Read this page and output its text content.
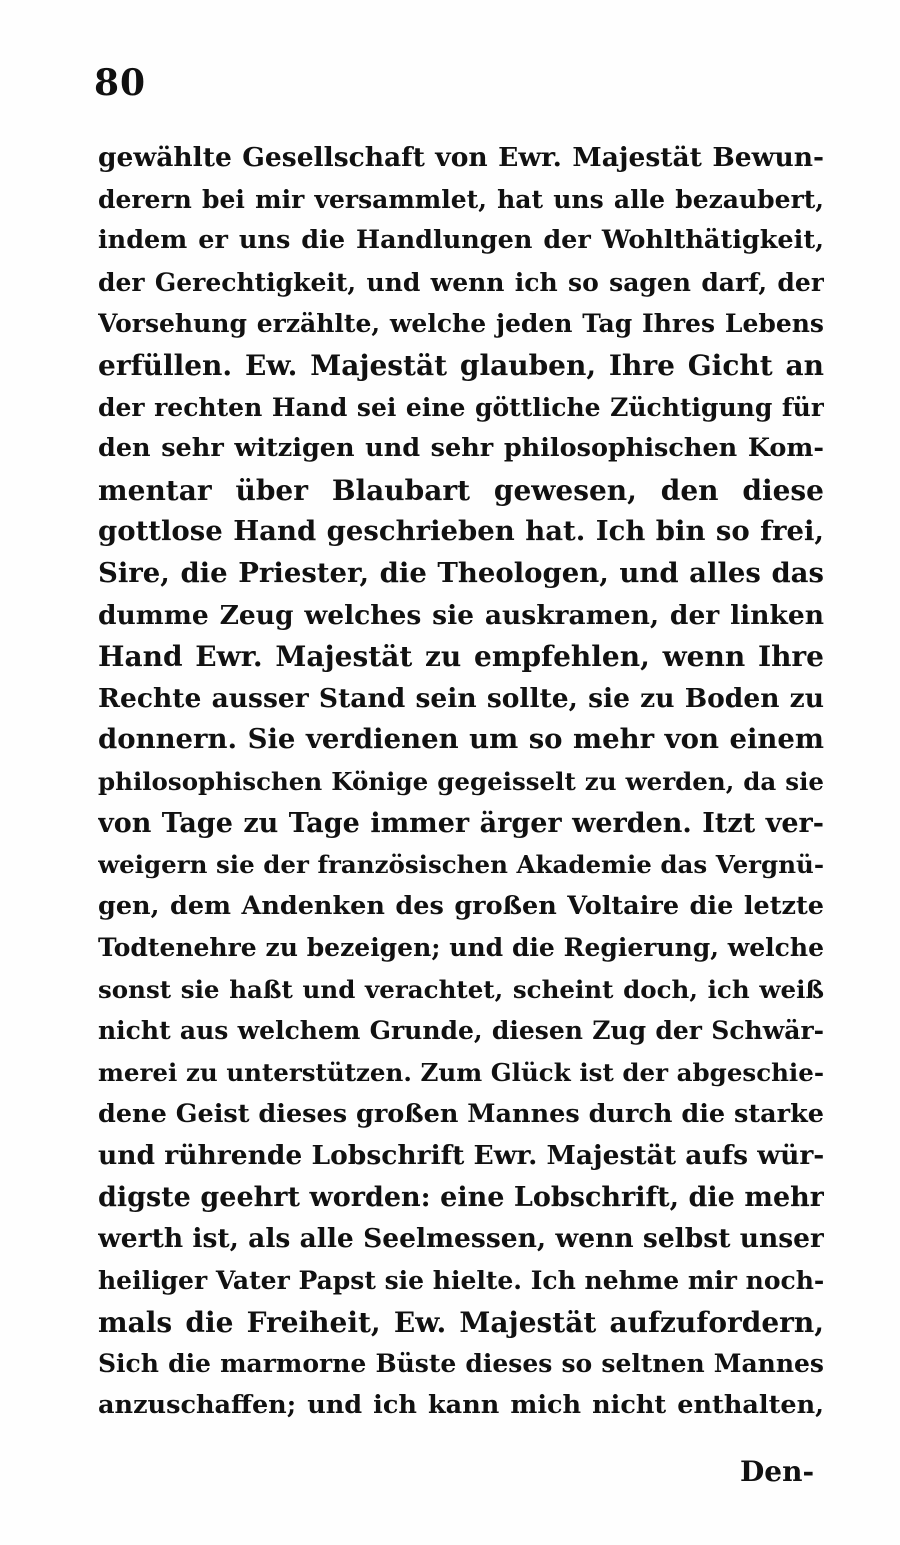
80
gewählte Gesellschaft von Ewr. Majestät Bewun-
derern bei mir versammlet, hat uns alle bezaubert,
indem er uns die Handlungen der Wohlthätigkeit,
der Gerechtigkeit, und wenn ich so sagen darf, der
Vorsehung erzählte, welche jeden Tag Ihres Lebens
erfüllen. Ew. Majestät glauben, Ihre Gicht an
der rechten Hand sei eine göttliche Züchtigung für
den sehr witzigen und sehr philosophischen Kom-
mentar über Blaubart gewesen, den diese
gottlose Hand geschrieben hat. Ich bin so frei,
Sire, die Priester, die Theologen, und alles das
dumme Zeug welches sie auskramen, der linken
Hand Ewr. Majestät zu empfehlen, wenn Ihre
Rechte ausser Stand sein sollte, sie zu Boden zu
donnern. Sie verdienen um so mehr von einem
philosophischen Könige gegeisselt zu werden, da sie
von Tage zu Tage immer ärger werden. Itzt ver-
weigern sie der französischen Akademie das Vergnü-
gen, dem Andenken des großen Voltaire die letzte
Todtenehre zu bezeigen; und die Regierung, welche
sonst sie haßt und verachtet, scheint doch, ich weiß
nicht aus welchem Grunde, diesen Zug der Schwär-
merei zu unterstützen. Zum Glück ist der abgeschie-
dene Geist dieses großen Mannes durch die starke
und rührende Lobschrift Ewr. Majestät aufs wür-
digste geehrt worden: eine Lobschrift, die mehr
werth ist, als alle Seelmessen, wenn selbst unser
heiliger Vater Papst sie hielte. Ich nehme mir noch-
mals die Freiheit, Ew. Majestät aufzufordern,
Sich die marmorne Büste dieses so seltnen Mannes
anzuschaffen; und ich kann mich nicht enthalten,
Den-
